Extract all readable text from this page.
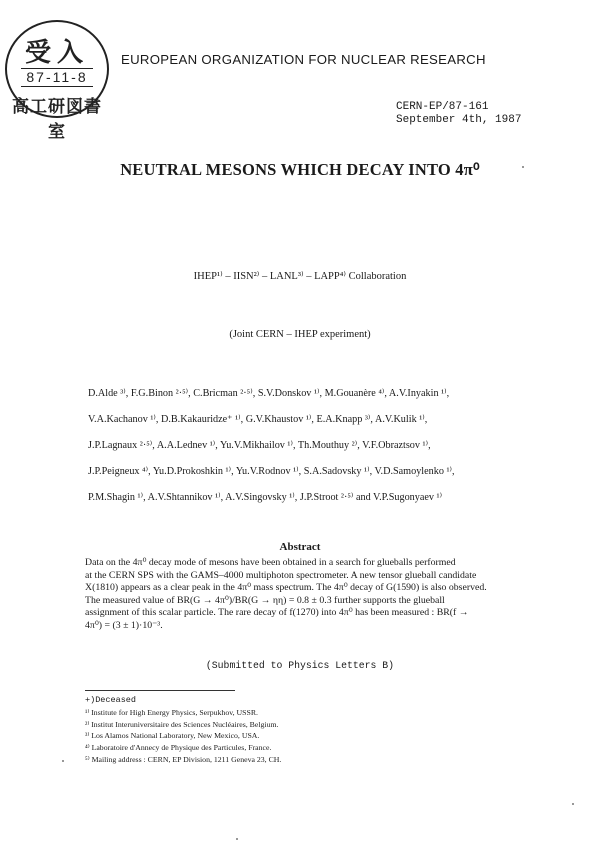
受入
87-11-8
高工研図書室
EUROPEAN ORGANIZATION FOR NUCLEAR RESEARCH
CERN-EP/87-161
September 4th, 1987
NEUTRAL MESONS WHICH DECAY INTO 4π⁰
IHEP¹⁾ – IISN²⁾ – LANL³⁾ – LAPP⁴⁾ Collaboration
(Joint CERN – IHEP experiment)
D.Alde ³⁾, F.G.Binon ²·⁵⁾, C.Bricman ²·⁵⁾, S.V.Donskov ¹⁾, M.Gouanère ⁴⁾, A.V.Inyakin ¹⁾,
V.A.Kachanov ¹⁾, D.B.Kakauridze⁺ ¹⁾, G.V.Khaustov ¹⁾, E.A.Knapp ³⁾, A.V.Kulik ¹⁾,
J.P.Lagnaux ²·⁵⁾, A.A.Lednev ¹⁾, Yu.V.Mikhailov ¹⁾, Th.Mouthuy ²⁾, V.F.Obraztsov ¹⁾,
J.P.Peigneux ⁴⁾, Yu.D.Prokoshkin ¹⁾, Yu.V.Rodnov ¹⁾, S.A.Sadovsky ¹⁾, V.D.Samoylenko ¹⁾,
P.M.Shagin ¹⁾, A.V.Shtannikov ¹⁾, A.V.Singovsky ¹⁾, J.P.Stroot ²·⁵⁾ and V.P.Sugonyaev ¹⁾
Abstract
Data on the 4π⁰ decay mode of mesons have been obtained in a search for glueballs performed
at the CERN SPS with the GAMS–4000 multiphoton spectrometer. A new tensor glueball candidate
X(1810) appears as a clear peak in the 4π⁰ mass spectrum. The 4π⁰ decay of G(1590) is also observed.
The measured value of BR(G → 4π⁰)/BR(G → ηη) = 0.8 ± 0.3 further supports the glueball
assignment of this scalar particle. The rare decay of f(1270) into 4π⁰ has been measured : BR(f →
4π⁰) = (3 ± 1)·10⁻³.
(Submitted to Physics Letters B)
+)Deceased
¹⁾ Institute for High Energy Physics, Serpukhov, USSR.
²⁾ Institut Interuniversitaire des Sciences Nucléaires, Belgium.
³⁾ Los Alamos National Laboratory, New Mexico, USA.
⁴⁾ Laboratoire d'Annecy de Physique des Particules, France.
⁵⁾ Mailing address : CERN, EP Division, 1211 Geneva 23, CH.
